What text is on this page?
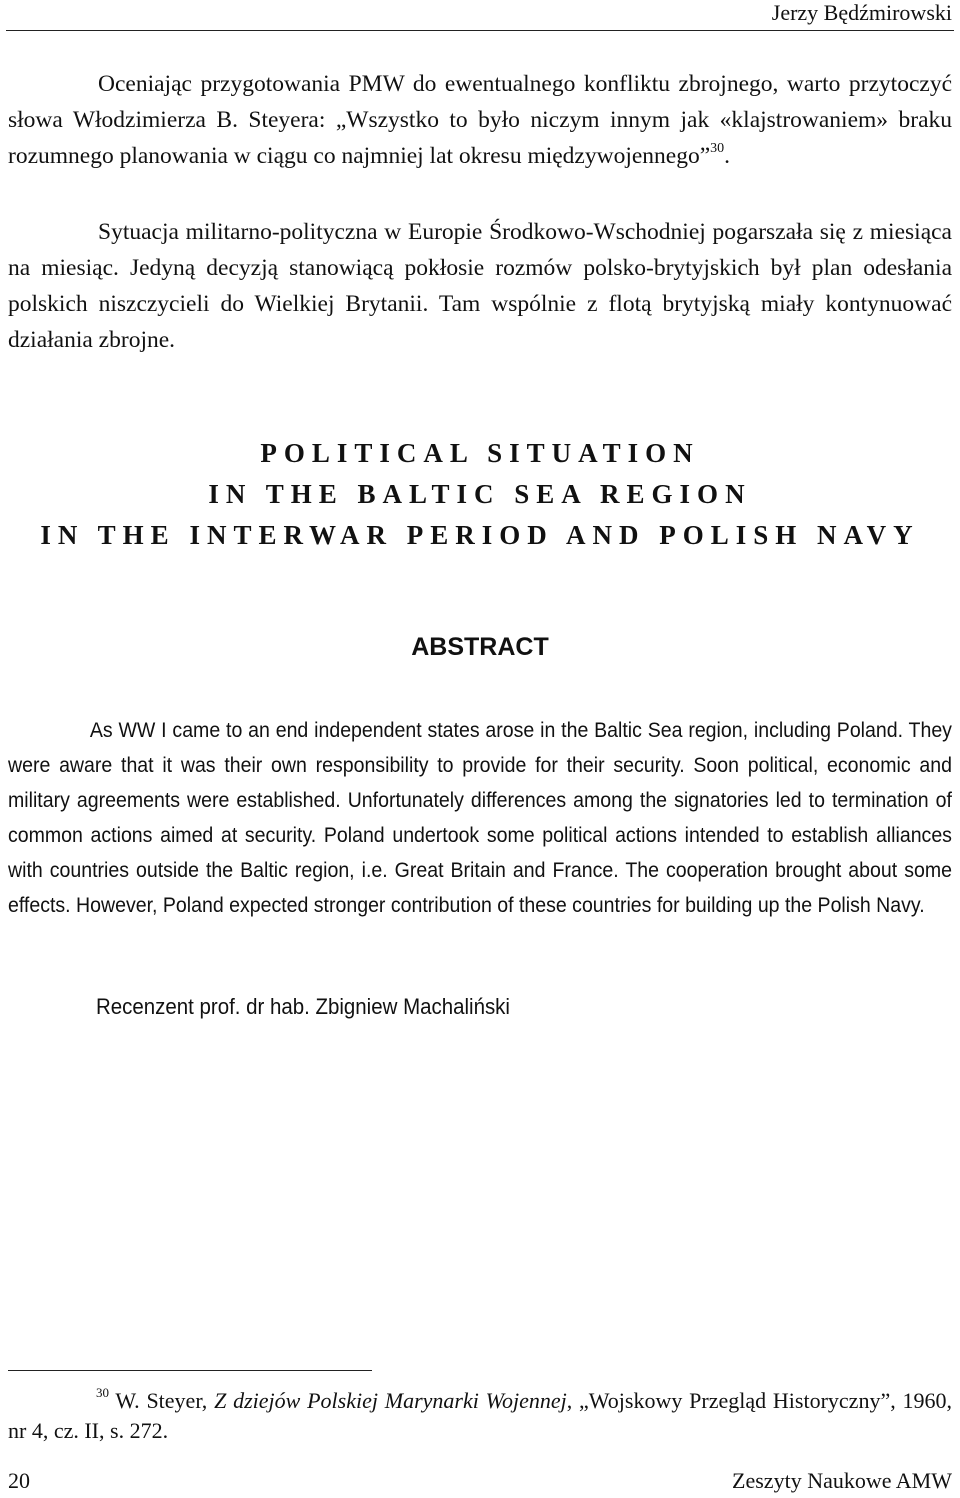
Jerzy Będźmirowski

Oceniając przygotowania PMW do ewentualnego konfliktu zbrojnego, warto przytoczyć słowa Włodzimierza B. Steyera: „Wszystko to było niczym innym jak «klajstrowaniem» braku rozumnego planowania w ciągu co najmniej lat okresu międzywojennego”$^{30}$.

Sytuacja militarno-polityczna w Europie Środkowo-Wschodniej pogarszała się z miesiąca na miesiąc. Jedyną decyzją stanowiącą pokłosie rozmów polsko-brytyjskich był plan odesłania polskich niszczycieli do Wielkiej Brytanii. Tam wspólnie z flotą brytyjską miały kontynuować działania zbrojne.

POLITICAL SITUATION
IN THE BALTIC SEA REGION
IN THE INTERWAR PERIOD AND POLISH NAVY
ABSTRACT

As WW I came to an end independent states arose in the Baltic Sea region, including Poland. They were aware that it was their own responsibility to provide for their security. Soon political, economic and military agreements were established. Unfortunately differences among the signatories led to termination of common actions aimed at security. Poland undertook some political actions intended to establish alliances with countries outside the Baltic region, i.e. Great Britain and France. The cooperation brought about some effects. However, Poland expected stronger contribution of these countries for building up the Polish Navy.

Recenzent prof. dr hab. Zbigniew Machaliński

$^{30}$ W. Steyer, Z dziejów Polskiej Marynarki Wojennej, „Wojskowy Przegląd Historyczny”, 1960, nr 4, cz. II, s. 272.

20	Zeszyty Naukowe AMW
